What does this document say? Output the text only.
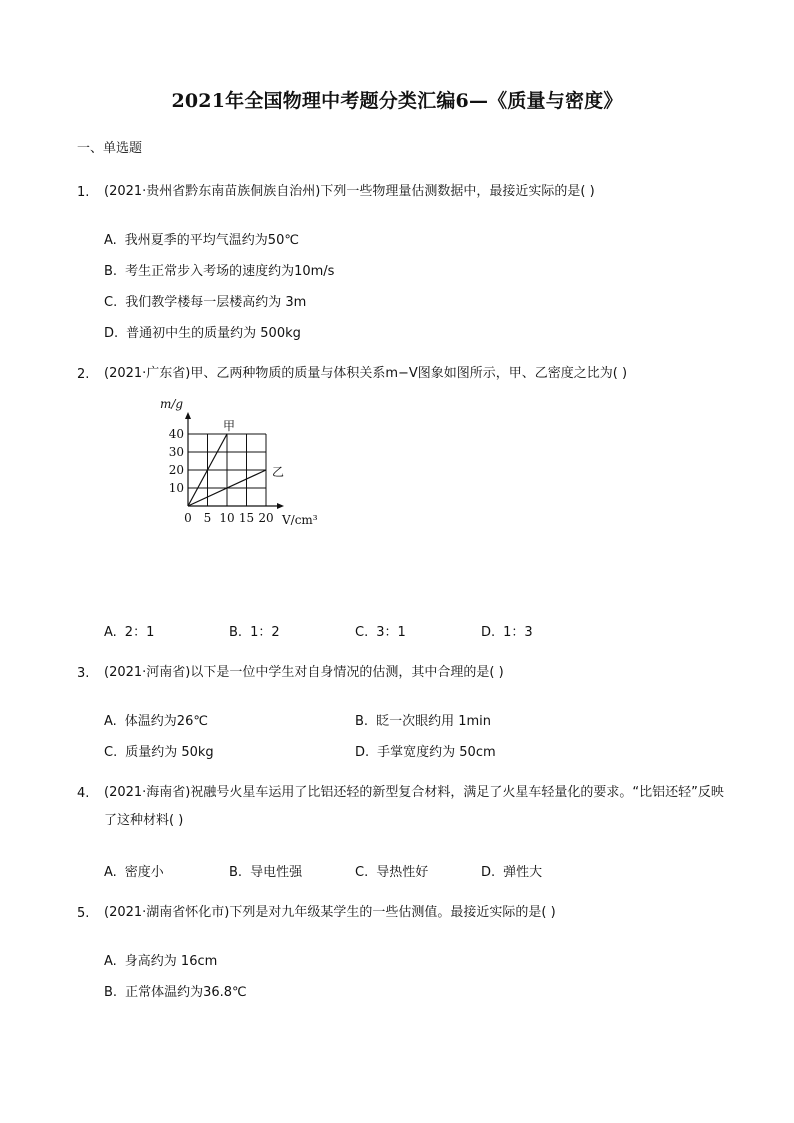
2021年全国物理中考题分类汇编6—《质量与密度》
一、单选题
1.	(2021·贵州省黔东南苗族侗族自治州)下列一些物理量估测数据中，最接近实际的是( )
A. 我州夏季的平均气温约为50℃
B. 考生正常步入考场的速度约为10m/s
C. 我们教学楼每一层楼高约为 3m
D. 普通初中生的质量约为 500kg
2.	(2021·广东省)甲、乙两种物质的质量与体积关系m−V图象如图所示，甲、乙密度之比为( )
0 5 10 15 20
10
20
30
40
m/g
V/cm³
甲
乙
A. 2：1	B. 1：2	C. 3：1	D. 1：3
3.	(2021·河南省)以下是一位中学生对自身情况的估测，其中合理的是( )
A. 体温约为26℃	B. 眨一次眼约用 1min
C. 质量约为 50kg	D. 手掌宽度约为 50cm
4.	(2021·海南省)祝融号火星车运用了比铝还轻的新型复合材料，满足了火星车轻量化的要求。“比铝还轻”反映了这种材料( )
A. 密度小	B. 导电性强	C. 导热性好	D. 弹性大
5.	(2021·湖南省怀化市)下列是对九年级某学生的一些估测值。最接近实际的是( )
A. 身高约为 16cm
B. 正常体温约为36.8℃
